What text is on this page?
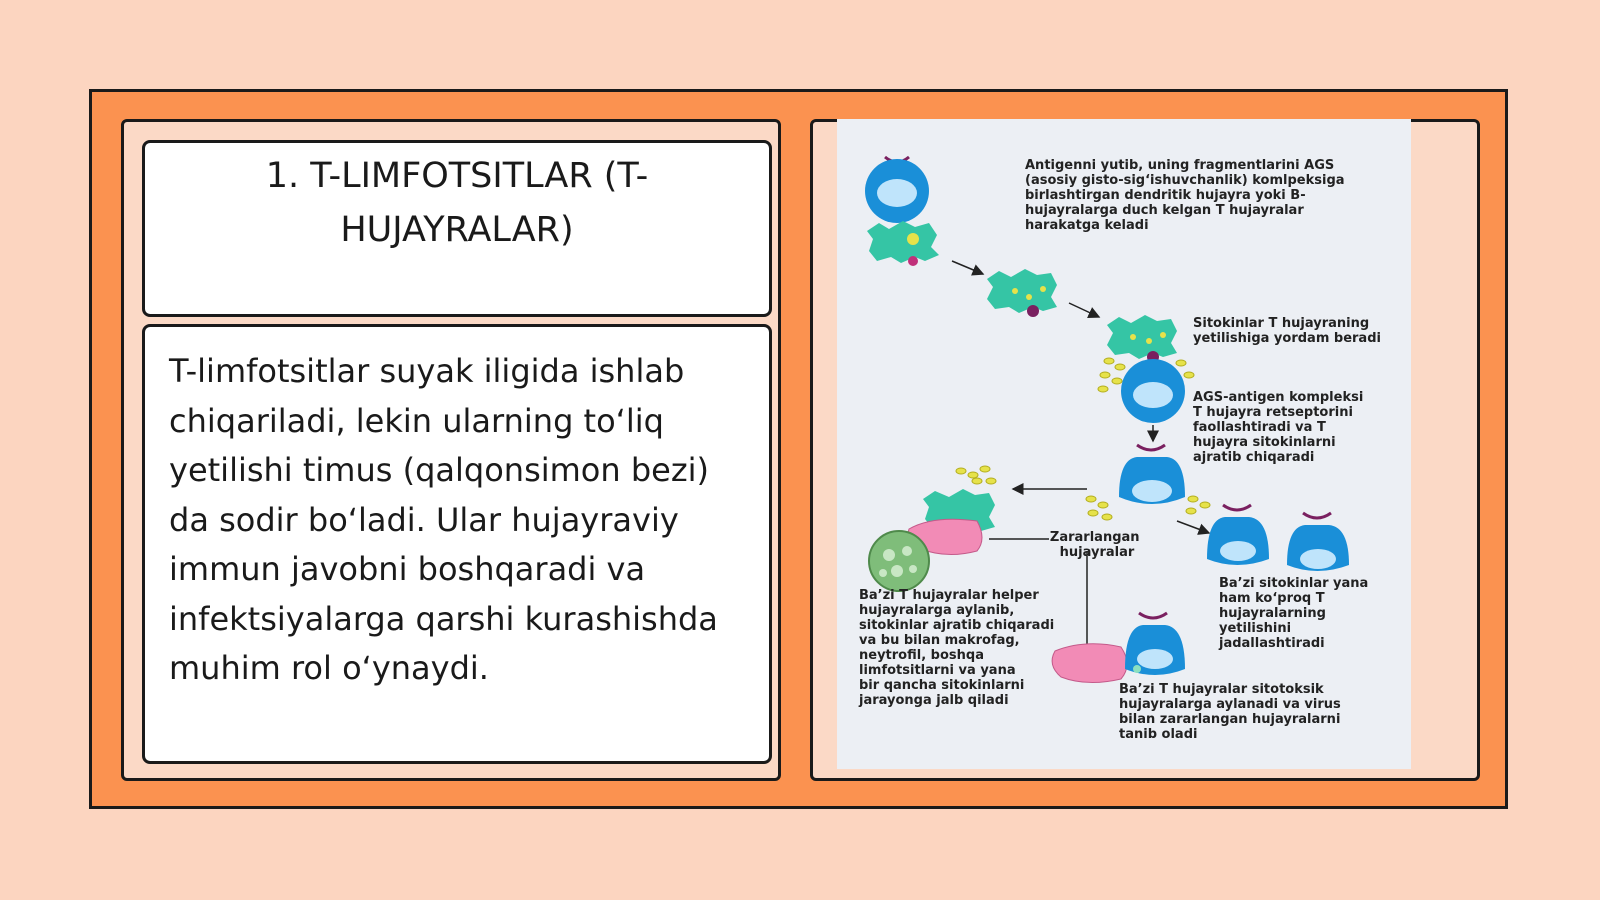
1. T-LIMFOTSITLAR (T-HUJAYRALAR)

T-limfotsitlar suyak iligida ishlab chiqariladi, lekin ularning to‘liq yetilishi timus (qalqonsimon bezi) da sodir bo‘ladi. Ular hujayraviy immun javobni boshqaradi va infektsiyalarga qarshi kurashishda muhim rol o‘ynaydi.

Antigenni yutib, uning fragmentlarini AGS (asosiy gisto-sig‘ishuvchanlik) komlpeksiga birlashtirgan dendritik hujayra yoki B- hujayralarga duch kelgan T hujayralar harakatga keladi
Sitokinlar T hujayraning yetilishiga yordam beradi
AGS-antigen kompleksi T hujayra retseptorini faollashtiradi va T hujayra sitokinlarni ajratib chiqaradi
Zararlangan hujayralar
Ba’zi T hujayralar helper hujayralarga aylanib, sitokinlar ajratib chiqaradi va bu bilan makrofag, neytrofil, boshqa limfotsitlarni va yana bir qancha sitokinlarni jarayonga jalb qiladi
Ba’zi sitokinlar yana ham ko‘proq T hujayralarning yetilishini jadallashtiradi
Ba’zi T hujayralar sitotoksik hujayralarga aylanadi va virus bilan zararlangan hujayralarni tanib oladi
